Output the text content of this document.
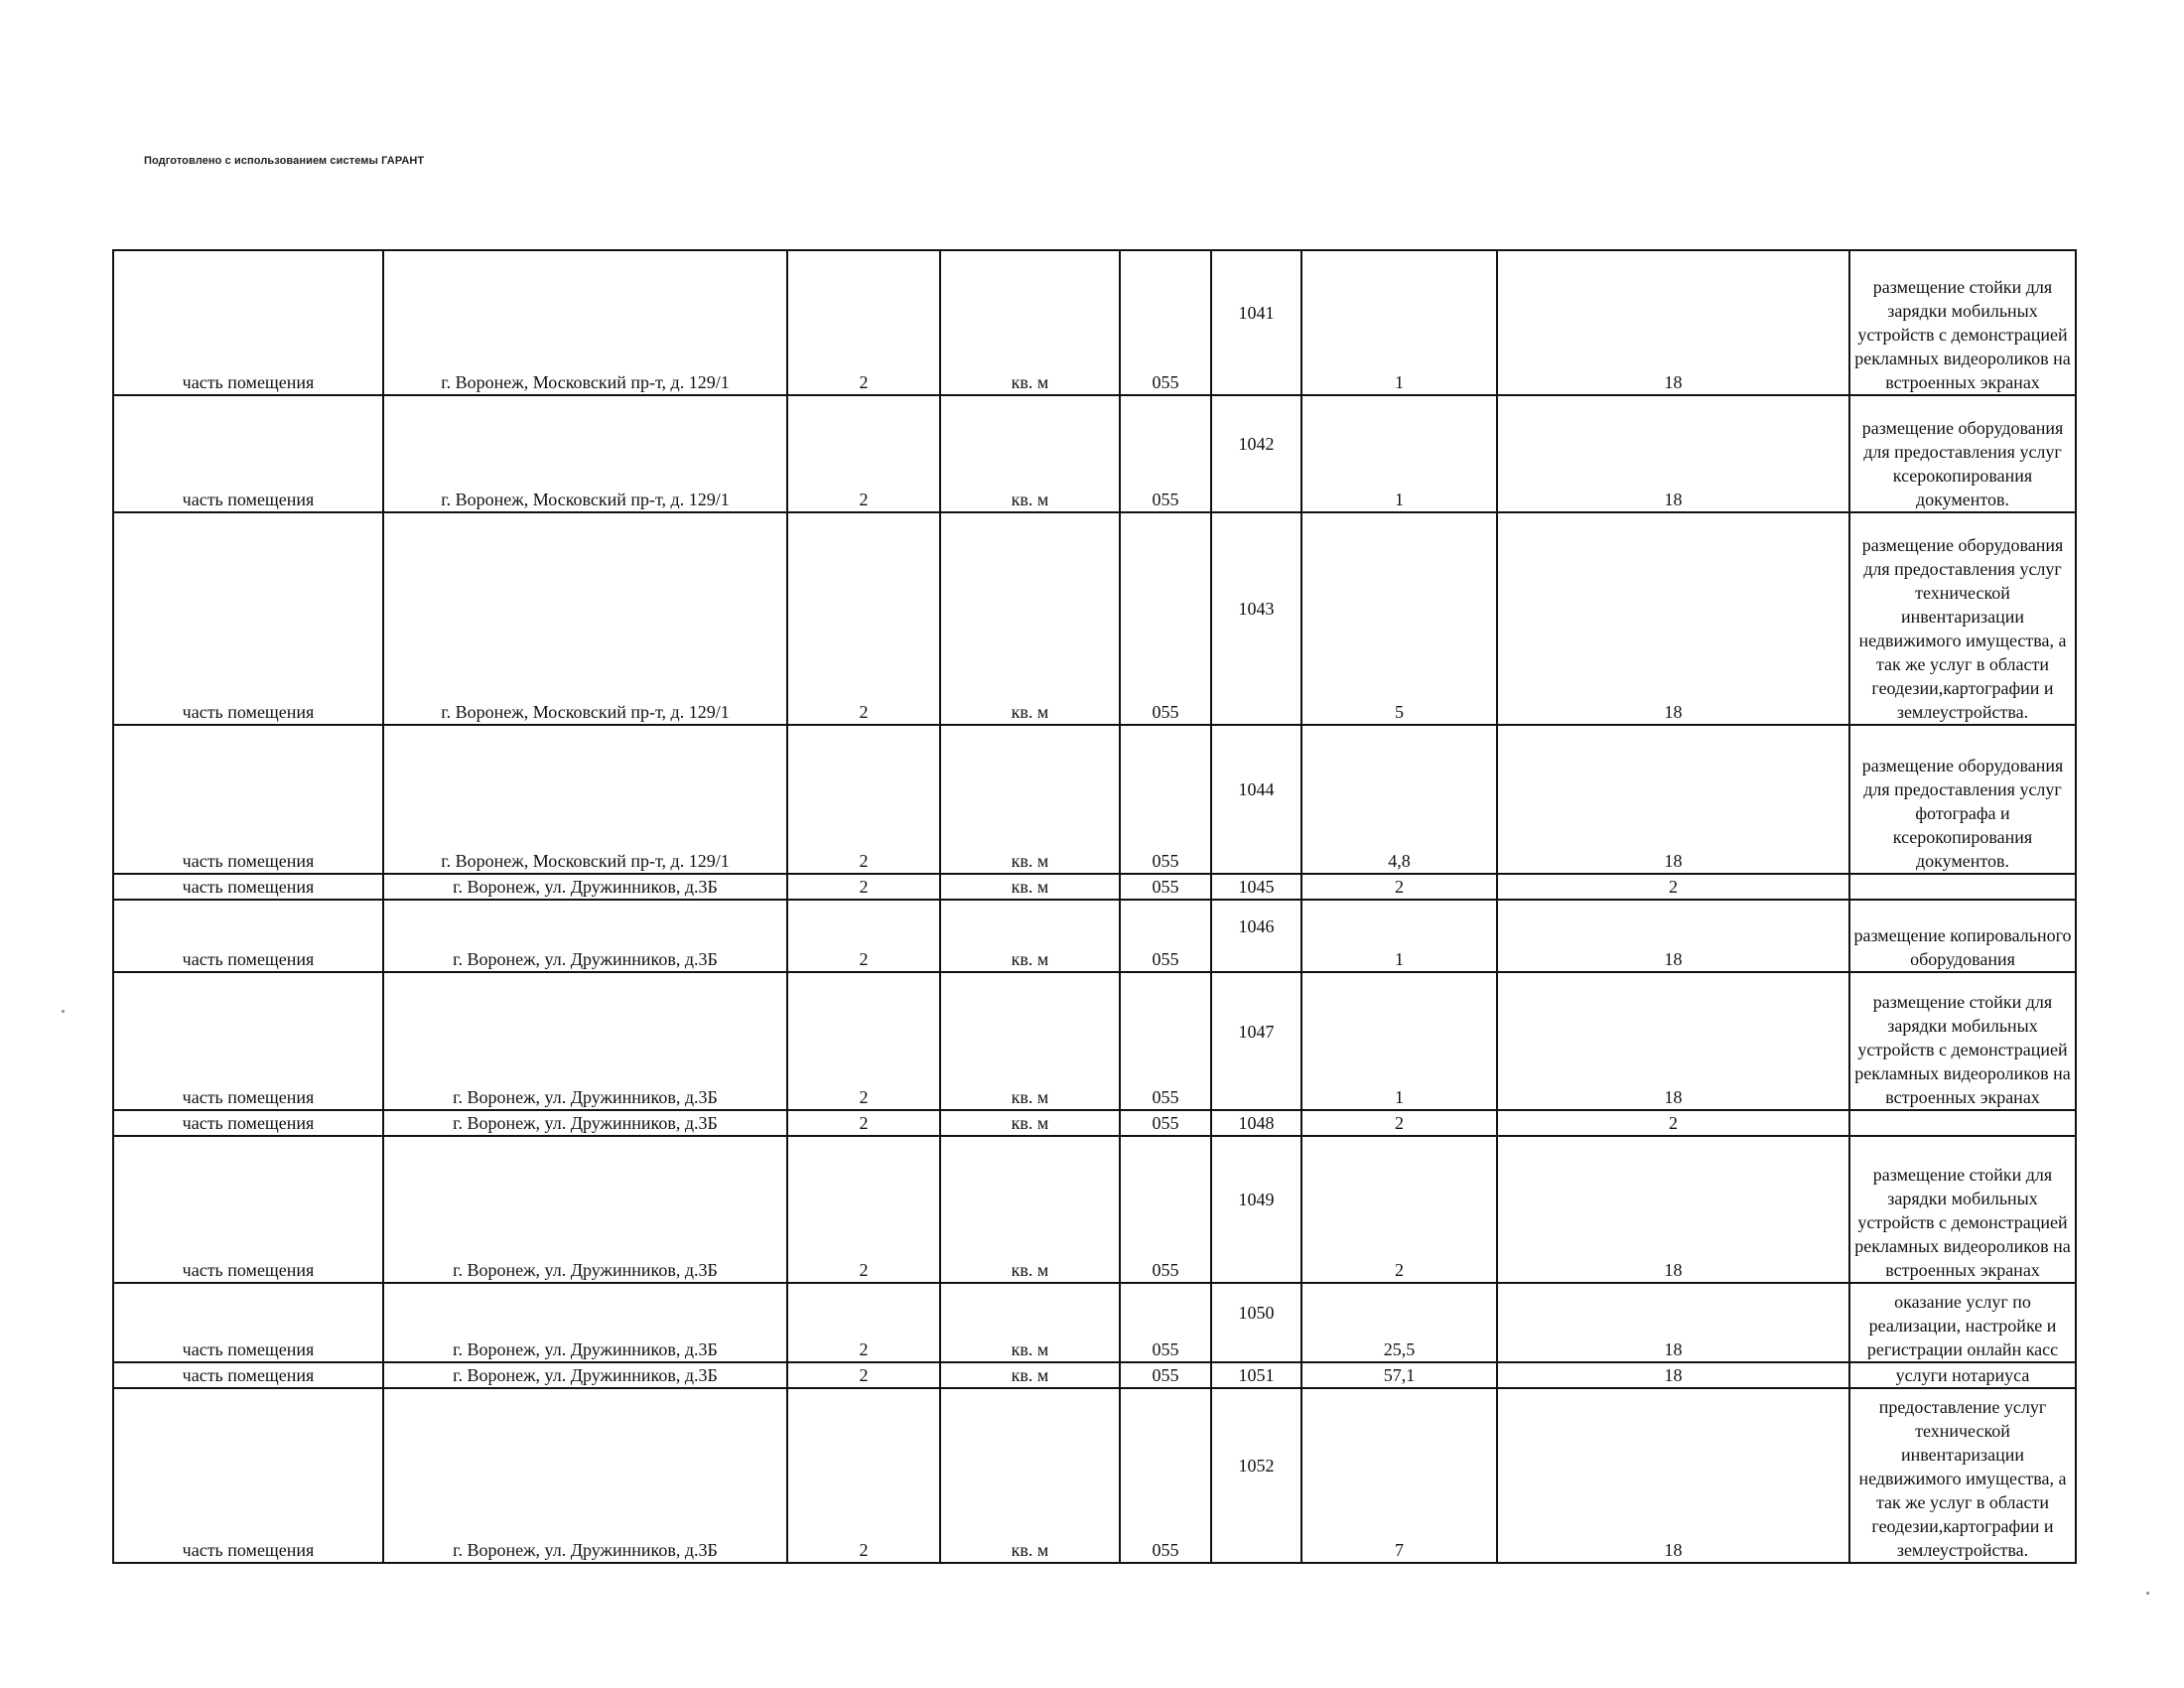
Подготовлено с использованием системы ГАРАНТ
часть помещения	г. Воронеж, Московский пр-т, д. 129/1	2	кв. м	055	1041	1	18	размещение стойки для зарядки мобильных устройств с демонстрацией рекламных видеороликов на встроенных экранах
часть помещения	г. Воронеж, Московский пр-т, д. 129/1	2	кв. м	055	1042	1	18	размещение оборудования для предоставления услуг ксерокопирования документов.
часть помещения	г. Воронеж, Московский пр-т, д. 129/1	2	кв. м	055	1043	5	18	размещение оборудования для предоставления услуг технической инвентаризации недвижимого имущества, а так же услуг в области геодезии,картографии и землеустройства.
часть помещения	г. Воронеж, Московский пр-т, д. 129/1	2	кв. м	055	1044	4,8	18	размещение оборудования для предоставления услуг фотографа и ксерокопирования документов.
часть помещения	г. Воронеж, ул. Дружинников, д.3Б	2	кв. м	055	1045	2	2	
часть помещения	г. Воронеж, ул. Дружинников, д.3Б	2	кв. м	055	1046	1	18	размещение копировального оборудования
часть помещения	г. Воронеж, ул. Дружинников, д.3Б	2	кв. м	055	1047	1	18	размещение стойки для зарядки мобильных устройств с демонстрацией рекламных видеороликов на встроенных экранах
часть помещения	г. Воронеж, ул. Дружинников, д.3Б	2	кв. м	055	1048	2	2	
часть помещения	г. Воронеж, ул. Дружинников, д.3Б	2	кв. м	055	1049	2	18	размещение стойки для зарядки мобильных устройств с демонстрацией рекламных видеороликов на встроенных экранах
часть помещения	г. Воронеж, ул. Дружинников, д.3Б	2	кв. м	055	1050	25,5	18	оказание услуг по реализации, настройке и регистрации онлайн касс
часть помещения	г. Воронеж, ул. Дружинников, д.3Б	2	кв. м	055	1051	57,1	18	услуги нотариуса
часть помещения	г. Воронеж, ул. Дружинников, д.3Б	2	кв. м	055	1052	7	18	предоставление услуг технической инвентаризации недвижимого имущества, а так же услуг в области геодезии,картографии и землеустройства.
